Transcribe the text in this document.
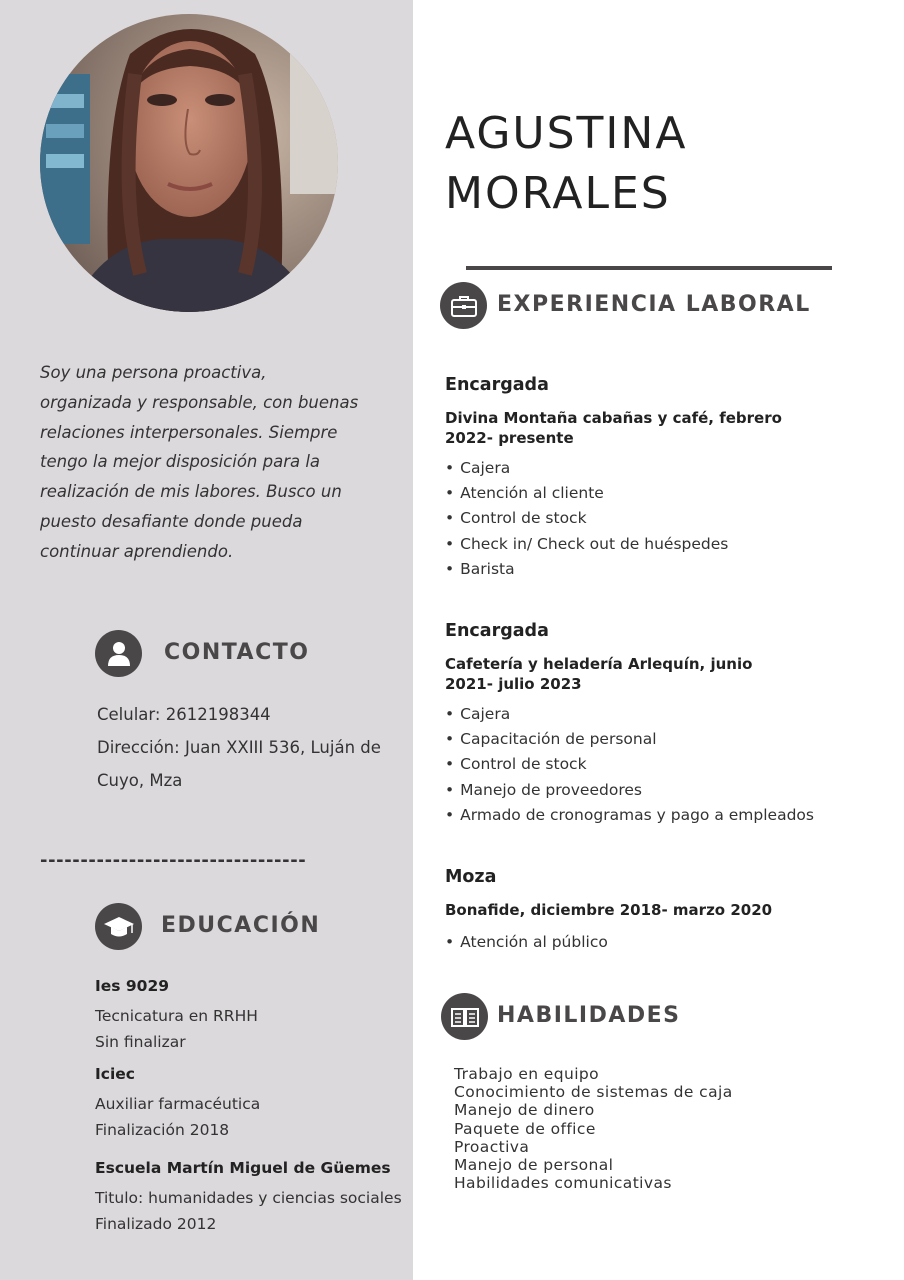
Soy una persona proactiva, organizada y responsable, con buenas relaciones interpersonales. Siempre tengo la mejor disposición para la realización de mis labores. Busco un puesto desafiante donde pueda continuar aprendiendo.

CONTACTO

Celular: 2612198344

Dirección: Juan XXIII 536, Luján de Cuyo, Mza

---------------------------------
EDUCACIÓN
Ies 9029
Tecnicatura en RRHH
Sin finalizar
Iciec
Auxiliar farmacéutica
Finalización 2018
Escuela Martín Miguel de Güemes
Titulo: humanidades y ciencias sociales
Finalizado 2012
AGUSTINA
MORALES
EXPERIENCIA LABORAL
Encargada
Divina Montaña cabañas y café, febrero 2022- presente
• Cajera
• Atención al cliente
• Control de stock
• Check in/ Check out de huéspedes
• Barista
Encargada
Cafetería y heladería Arlequín, junio 2021- julio 2023
• Cajera
• Capacitación de personal
• Control de stock
• Manejo de proveedores
• Armado de cronogramas y pago a empleados
Moza
Bonafide, diciembre 2018- marzo 2020
• Atención al público
HABILIDADES
Trabajo en equipo
Conocimiento de sistemas de caja
Manejo de dinero
Paquete de office
Proactiva
Manejo de personal
Habilidades comunicativas
